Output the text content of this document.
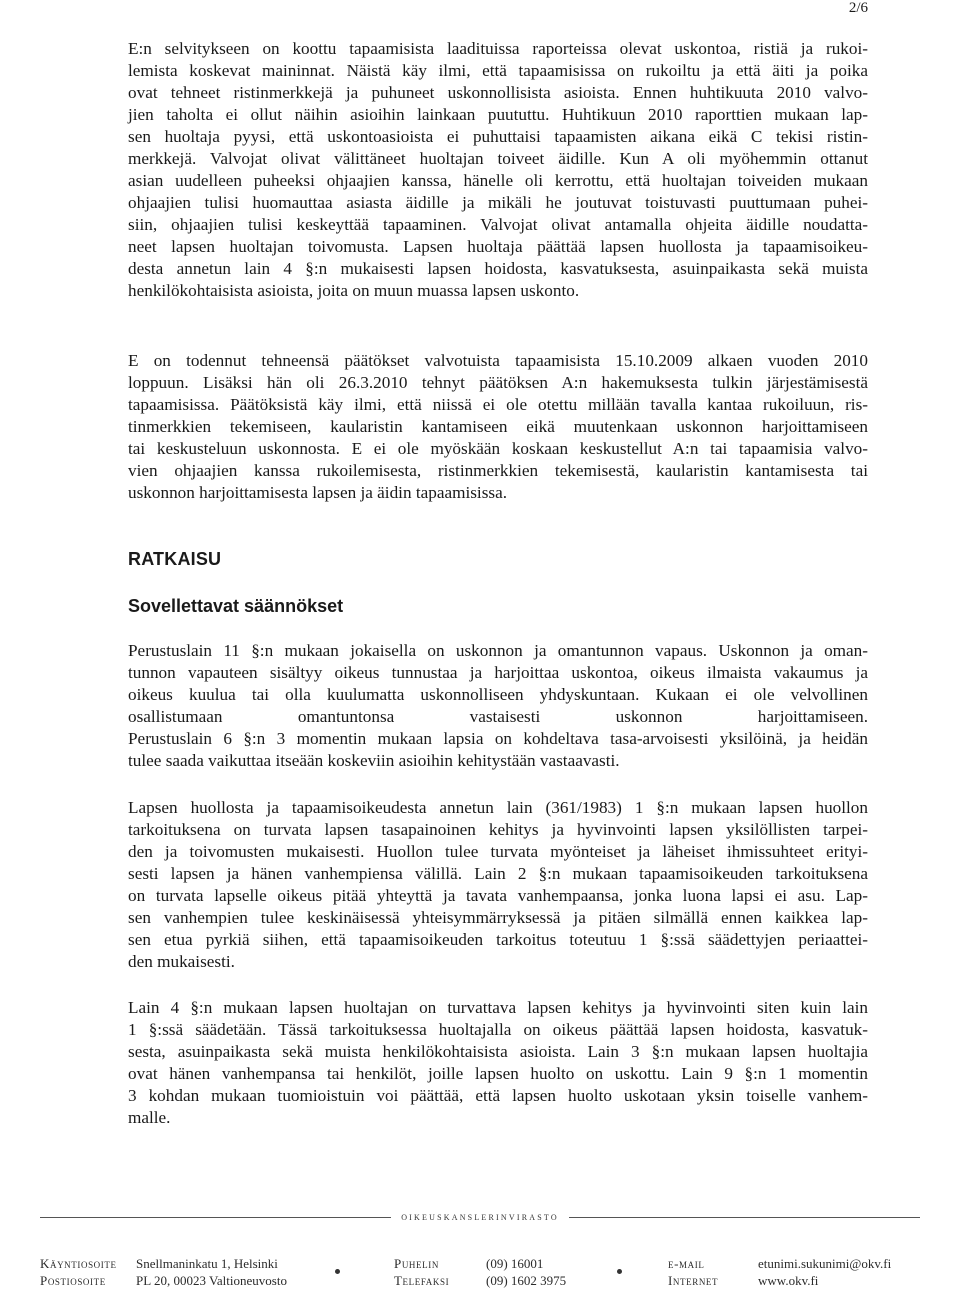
2/6

E:n selvitykseen on koottu tapaamisista laadituissa raporteissa olevat uskontoa, ristiä ja rukoi-
lemista koskevat maininnat. Näistä käy ilmi, että tapaamisissa on rukoiltu ja että äiti ja poika
ovat tehneet ristinmerkkejä ja puhuneet uskonnollisista asioista. Ennen huhtikuuta 2010 valvo-
jien taholta ei ollut näihin asioihin lainkaan puututtu. Huhtikuun 2010 raporttien mukaan lap-
sen huoltaja pyysi, että uskontoasioista ei puhuttaisi tapaamisten aikana eikä C tekisi ristin-
merkkejä. Valvojat olivat välittäneet huoltajan toiveet äidille. Kun A oli myöhemmin ottanut
asian uudelleen puheeksi ohjaajien kanssa, hänelle oli kerrottu, että huoltajan toiveiden mukaan
ohjaajien tulisi huomauttaa asiasta äidille ja mikäli he joutuvat toistuvasti puuttumaan puhei-
siin, ohjaajien tulisi keskeyttää tapaaminen. Valvojat olivat antamalla ohjeita äidille noudatta-
neet lapsen huoltajan toivomusta. Lapsen huoltaja päättää lapsen huollosta ja tapaamisoikeu-
desta annetun lain 4 §:n mukaisesti lapsen hoidosta, kasvatuksesta, asuinpaikasta sekä muista
henkilökohtaisista asioista, joita on muun muassa lapsen uskonto.

E on todennut tehneensä päätökset valvotuista tapaamisista 15.10.2009 alkaen vuoden 2010
loppuun. Lisäksi hän oli 26.3.2010 tehnyt päätöksen A:n hakemuksesta tulkin järjestämisestä
tapaamisissa. Päätöksistä käy ilmi, että niissä ei ole otettu millään tavalla kantaa rukoiluun, ris-
tinmerkkien tekemiseen, kaularistin kantamiseen eikä muutenkaan uskonnon harjoittamiseen
tai keskusteluun uskonnosta. E ei ole myöskään koskaan keskustellut A:n tai tapaamisia valvo-
vien ohjaajien kanssa rukoilemisesta, ristinmerkkien tekemisestä, kaularistin kantamisesta tai
uskonnon harjoittamisesta lapsen ja äidin tapaamisissa.

RATKAISU
Sovellettavat säännökset

Perustuslain 11 §:n mukaan jokaisella on uskonnon ja omantunnon vapaus. Uskonnon ja oman-
tunnon vapauteen sisältyy oikeus tunnustaa ja harjoittaa uskontoa, oikeus ilmaista vakaumus ja
oikeus kuulua tai olla kuulumatta uskonnolliseen yhdyskuntaan. Kukaan ei ole velvollinen
osallistumaan omantuntonsa vastaisesti uskonnon harjoittamiseen.
Perustuslain 6 §:n 3 momentin mukaan lapsia on kohdeltava tasa-arvoisesti yksilöinä, ja heidän
tulee saada vaikuttaa itseään koskeviin asioihin kehitystään vastaavasti.

Lapsen huollosta ja tapaamisoikeudesta annetun lain (361/1983) 1 §:n mukaan lapsen huollon
tarkoituksena on turvata lapsen tasapainoinen kehitys ja hyvinvointi lapsen yksilöllisten tarpei-
den ja toivomusten mukaisesti. Huollon tulee turvata myönteiset ja läheiset ihmissuhteet erityi-
sesti lapsen ja hänen vanhempiensa välillä. Lain 2 §:n mukaan tapaamisoikeuden tarkoituksena
on turvata lapselle oikeus pitää yhteyttä ja tavata vanhempaansa, jonka luona lapsi ei asu. Lap-
sen vanhempien tulee keskinäisessä yhteisymmärryksessä ja pitäen silmällä ennen kaikkea lap-
sen etua pyrkiä siihen, että tapaamisoikeuden tarkoitus toteutuu 1 §:ssä säädettyjen periaattei-
den mukaisesti.

Lain 4 §:n mukaan lapsen huoltajan on turvattava lapsen kehitys ja hyvinvointi siten kuin lain
1 §:ssä säädetään. Tässä tarkoituksessa huoltajalla on oikeus päättää lapsen hoidosta, kasvatuk-
sesta, asuinpaikasta sekä muista henkilökohtaisista asioista. Lain 3 §:n mukaan lapsen huoltajia
ovat hänen vanhempansa tai henkilöt, joille lapsen huolto on uskottu. Lain 9 §:n 1 momentin
3 kohdan mukaan tuomioistuin voi päättää, että lapsen huolto uskotaan yksin toiselle vanhem-
malle.

oikeuskanslerinvirasto
Käyntiosoite Snellmaninkatu 1, Helsinki	Puhelin	(09) 16001	e-mail	etunimi.sukunimi@okv.fi
Postiosoite PL 20, 00023 Valtioneuvosto	Telefaksi	(09) 1602 3975	Internet	www.okv.fi
